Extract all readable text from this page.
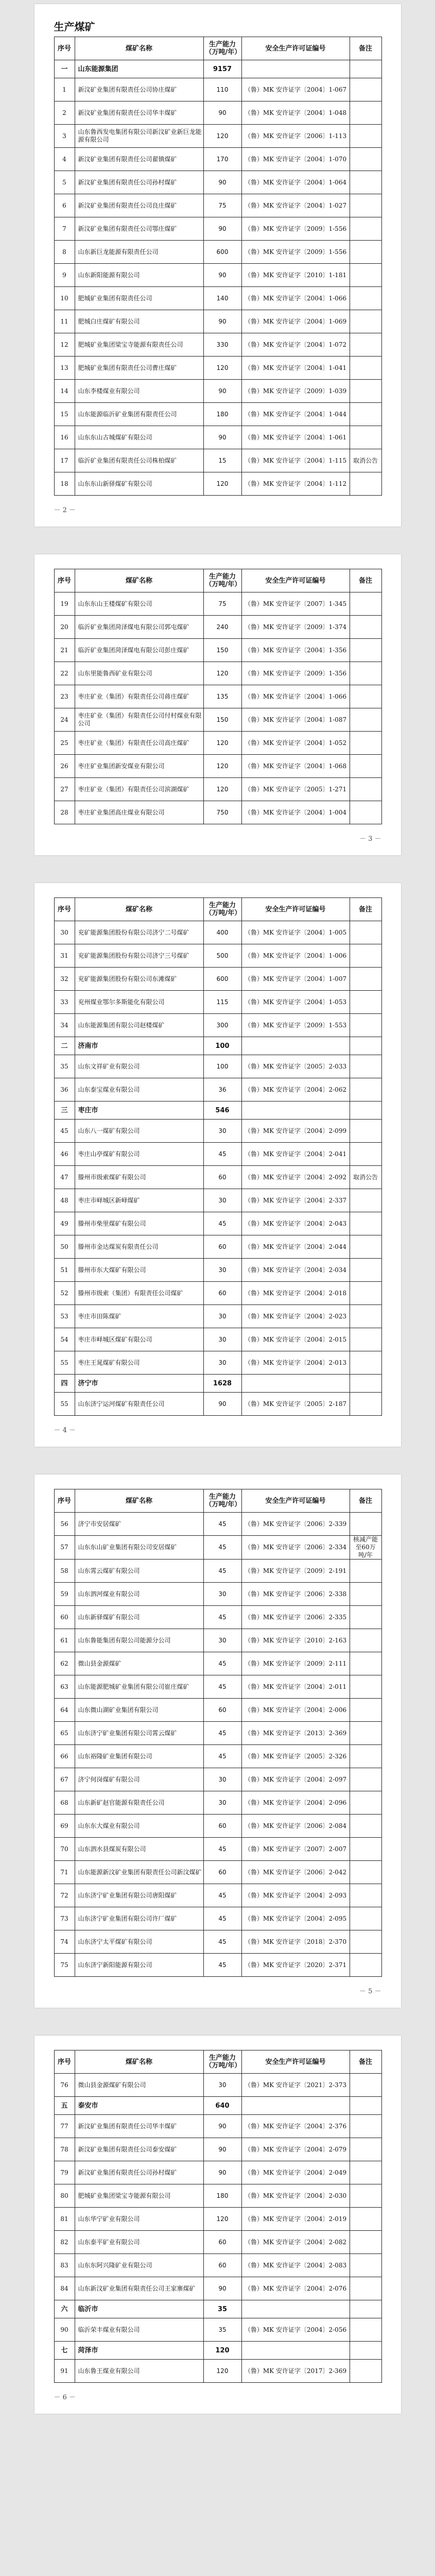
生产煤矿
序号	煤矿名称	生产能力（万吨/年）	安全生产许可证编号	备注
一	山东能源集团	9157		
1	新汶矿业集团有限责任公司协庄煤矿	110	（鲁）MK 安许证字〔2004〕1-067	
2	新汶矿业集团有限责任公司华丰煤矿	90	（鲁）MK 安许证字〔2004〕1-048	
3	山东鲁西发电集团有限公司新汶矿业新巨龙能源有限公司	120	（鲁）MK 安许证字〔2006〕1-113	
4	新汶矿业集团有限责任公司翟镇煤矿	170	（鲁）MK 安许证字〔2004〕1-070	
5	新汶矿业集团有限责任公司孙村煤矿	90	（鲁）MK 安许证字〔2004〕1-064	
6	新汶矿业集团有限责任公司良庄煤矿	75	（鲁）MK 安许证字〔2004〕1-027	
7	新汶矿业集团有限责任公司鄂庄煤矿	90	（鲁）MK 安许证字〔2009〕1-556	
8	山东新巨龙能源有限责任公司	600	（鲁）MK 安许证字〔2009〕1-556	
9	山东新阳能源有限公司	90	（鲁）MK 安许证字〔2010〕1-181	
10	肥城矿业集团有限责任公司	140	（鲁）MK 安许证字〔2004〕1-066	
11	肥城白庄煤矿有限公司	90	（鲁）MK 安许证字〔2004〕1-069	
12	肥城矿业集团梁宝寺能源有限责任公司	330	（鲁）MK 安许证字〔2004〕1-072	
13	肥城矿业集团有限责任公司曹庄煤矿	120	（鲁）MK 安许证字〔2004〕1-041	
14	山东李楼煤业有限公司	90	（鲁）MK 安许证字〔2009〕1-039	
15	山东能源临沂矿业集团有限责任公司	180	（鲁）MK 安许证字〔2004〕1-044	
16	山东东山古城煤矿有限公司	90	（鲁）MK 安许证字〔2004〕1-061	
17	临沂矿业集团有限责任公司株柏煤矿	15	（鲁）MK 安许证字〔2004〕1-115	取消公告
18	山东东山新驿煤矿有限公司	120	（鲁）MK 安许证字〔2004〕1-112	
－ 2 －
序号	煤矿名称	生产能力（万吨/年）	安全生产许可证编号	备注
19	山东东山王楼煤矿有限公司	75	（鲁）MK 安许证字〔2007〕1-345	
20	临沂矿业集团菏泽煤电有限公司郭屯煤矿	240	（鲁）MK 安许证字〔2009〕1-374	
21	临沂矿业集团菏泽煤电有限公司彭庄煤矿	150	（鲁）MK 安许证字〔2004〕1-356	
22	山东里能鲁西矿业有限公司	120	（鲁）MK 安许证字〔2009〕1-356	
23	枣庄矿业（集团）有限责任公司蒋庄煤矿	135	（鲁）MK 安许证字〔2004〕1-066	
24	枣庄矿业（集团）有限责任公司付村煤业有限公司	150	（鲁）MK 安许证字〔2004〕1-087	
25	枣庄矿业（集团）有限责任公司高庄煤矿	120	（鲁）MK 安许证字〔2004〕1-052	
26	枣庄矿业集团新安煤业有限公司	120	（鲁）MK 安许证字〔2004〕1-068	
27	枣庄矿业（集团）有限责任公司滨湖煤矿	120	（鲁）MK 安许证字〔2005〕1-271	
28	枣庄矿业集团高庄煤业有限公司	750	（鲁）MK 安许证字〔2004〕1-004	
－ 3 －
序号	煤矿名称	生产能力（万吨/年）	安全生产许可证编号	备注
30	兖矿能源集团股份有限公司济宁二号煤矿	400	（鲁）MK 安许证字〔2004〕1-005	
31	兖矿能源集团股份有限公司济宁三号煤矿	500	（鲁）MK 安许证字〔2004〕1-006	
32	兖矿能源集团股份有限公司东滩煤矿	600	（鲁）MK 安许证字〔2004〕1-007	
33	兖州煤业鄂尔多斯能化有限公司	115	（鲁）MK 安许证字〔2004〕1-053	
34	山东能源集团有限公司赵楼煤矿	300	（鲁）MK 安许证字〔2009〕1-553	
二	济南市	100		
35	山东文祥矿业有限公司	100	（鲁）MK 安许证字〔2005〕2-033	
36	山东泰宝煤业有限公司	36	（鲁）MK 安许证字〔2004〕2-062	
三	枣庄市	546		
45	山东八一煤矿有限公司	30	（鲁）MK 安许证字〔2004〕2-099	
46	枣庄山亭煤矿有限公司	45	（鲁）MK 安许证字〔2004〕2-041	
47	滕州市级索煤矿有限公司	60	（鲁）MK 安许证字〔2004〕2-092	取消公告
48	枣庄市峄城区新峄煤矿	30	（鲁）MK 安许证字〔2004〕2-337	
49	滕州市柴里煤矿有限公司	45	（鲁）MK 安许证字〔2004〕2-043	
50	滕州市金达煤炭有限责任公司	60	（鲁）MK 安许证字〔2004〕2-044	
51	滕州市东大煤矿有限公司	30	（鲁）MK 安许证字〔2004〕2-034	
52	滕州市级索（集团）有限责任公司煤矿	60	（鲁）MK 安许证字〔2004〕2-018	
53	枣庄市田陈煤矿	30	（鲁）MK 安许证字〔2004〕2-023	
54	枣庄市峄城区煤矿有限公司	30	（鲁）MK 安许证字〔2004〕2-015	
55	枣庄王晁煤矿有限公司	30	（鲁）MK 安许证字〔2004〕2-013	
四	济宁市	1628		
55	山东济宁运河煤矿有限责任公司	90	（鲁）MK 安许证字〔2005〕2-187	
－ 4 －
序号	煤矿名称	生产能力（万吨/年）	安全生产许可证编号	备注
56	济宁市安居煤矿	45	（鲁）MK 安许证字〔2006〕2-339	
57	山东东山矿业集团有限公司安居煤矿	45	（鲁）MK 安许证字〔2006〕2-334	核减产能至60万吨/年
58	山东霄云煤矿有限公司	45	（鲁）MK 安许证字〔2009〕2-191	
59	山东泗河煤业有限公司	30	（鲁）MK 安许证字〔2006〕2-338	
60	山东新驿煤矿有限公司	45	（鲁）MK 安许证字〔2006〕2-335	
61	山东鲁能集团有限公司能源分公司	30	（鲁）MK 安许证字〔2010〕2-163	
62	微山县金源煤矿	45	（鲁）MK 安许证字〔2009〕2-111	
63	山东能源肥城矿业集团有限公司崔庄煤矿	45	（鲁）MK 安许证字〔2004〕2-011	
64	山东微山湖矿业集团有限公司	60	（鲁）MK 安许证字〔2004〕2-006	
65	山东济宁矿业集团有限公司霄云煤矿	45	（鲁）MK 安许证字〔2013〕2-369	
66	山东裕隆矿业集团有限公司	45	（鲁）MK 安许证字〔2005〕2-326	
67	济宁何岗煤矿有限公司	30	（鲁）MK 安许证字〔2004〕2-097	
68	山东新矿赵官能源有限责任公司	30	（鲁）MK 安许证字〔2004〕2-096	
69	山东东大煤业有限公司	60	（鲁）MK 安许证字〔2006〕2-084	
70	山东泗水县煤炭有限公司	45	（鲁）MK 安许证字〔2007〕2-007	
71	山东能源新汶矿业集团有限责任公司新汶煤矿	60	（鲁）MK 安许证字〔2006〕2-042	
72	山东济宁矿业集团有限公司唐阳煤矿	45	（鲁）MK 安许证字〔2004〕2-093	
73	山东济宁矿业集团有限公司许厂煤矿	45	（鲁）MK 安许证字〔2004〕2-095	
74	山东济宁太平煤矿有限公司	45	（鲁）MK 安许证字〔2018〕2-370	
75	山东济宁新阳能源有限公司	45	（鲁）MK 安许证字〔2020〕2-371	
－ 5 －
序号	煤矿名称	生产能力（万吨/年）	安全生产许可证编号	备注
76	微山县金源煤矿有限公司	30	（鲁）MK 安许证字〔2021〕2-373	
五	泰安市	640		
77	新汶矿业集团有限责任公司华丰煤矿	90	（鲁）MK 安许证字〔2004〕2-376	
78	新汶矿业集团有限责任公司泰安煤矿	90	（鲁）MK 安许证字〔2004〕2-079	
79	新汶矿业集团有限责任公司孙村煤矿	90	（鲁）MK 安许证字〔2004〕2-049	
80	肥城矿业集团梁宝寺能源有限公司	180	（鲁）MK 安许证字〔2004〕2-030	
81	山东华宁矿业有限公司	120	（鲁）MK 安许证字〔2004〕2-019	
82	山东泰平矿业有限公司	60	（鲁）MK 安许证字〔2004〕2-082	
83	山东东阿兴隆矿业有限公司	60	（鲁）MK 安许证字〔2004〕2-083	
84	山东新汶矿业集团有限责任公司王家寨煤矿	90	（鲁）MK 安许证字〔2004〕2-076	
六	临沂市	35		
90	临沂荣丰煤业有限公司	35	（鲁）MK 安许证字〔2004〕2-056	
七	菏泽市	120		
91	山东鲁王煤业有限公司	120	（鲁）MK 安许证字〔2017〕2-369	
－ 6 －
